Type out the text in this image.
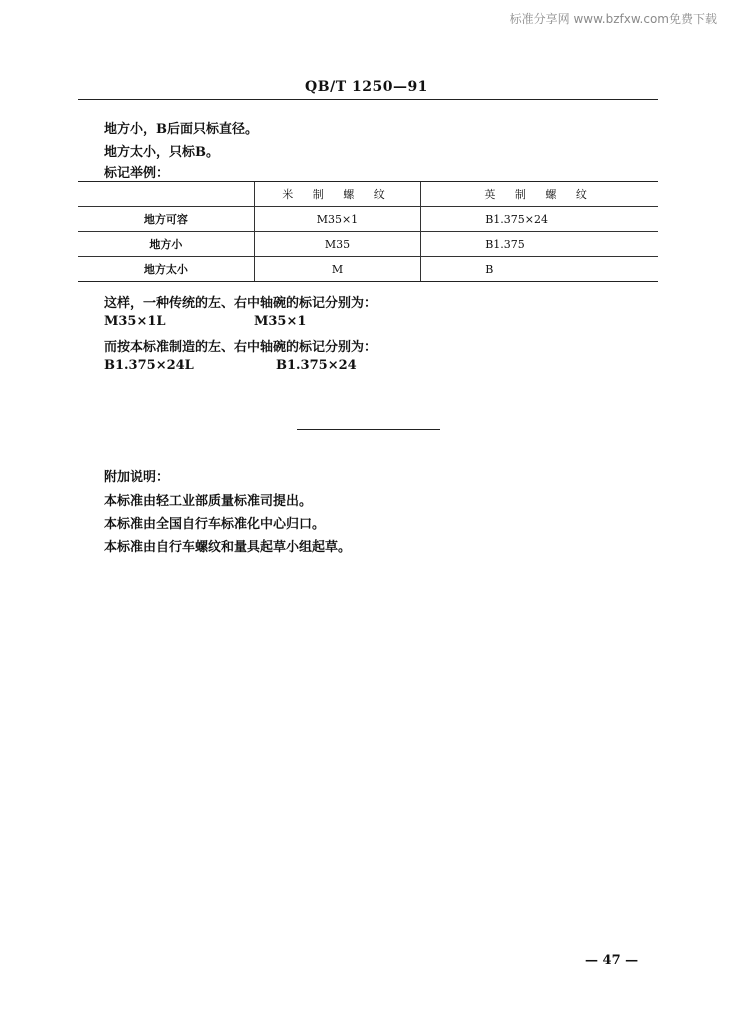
标准分享网 www.bzfxw.com免费下载
QB/T 1250—91
地方小，B后面只标直径。
地方太小，只标B。
标记举例：
	米 制 螺 纹	英 制 螺 纹
地方可容	M35×1	B1.375×24
地方小	M35	B1.375
地方太小	M	B
这样，一种传统的左、右中轴碗的标记分别为：
M35×1L	M35×1
而按本标准制造的左、右中轴碗的标记分别为：
B1.375×24L	B1.375×24
附加说明：
本标准由轻工业部质量标准司提出。
本标准由全国自行车标准化中心归口。
本标准由自行车螺纹和量具起草小组起草。
— 47 —
